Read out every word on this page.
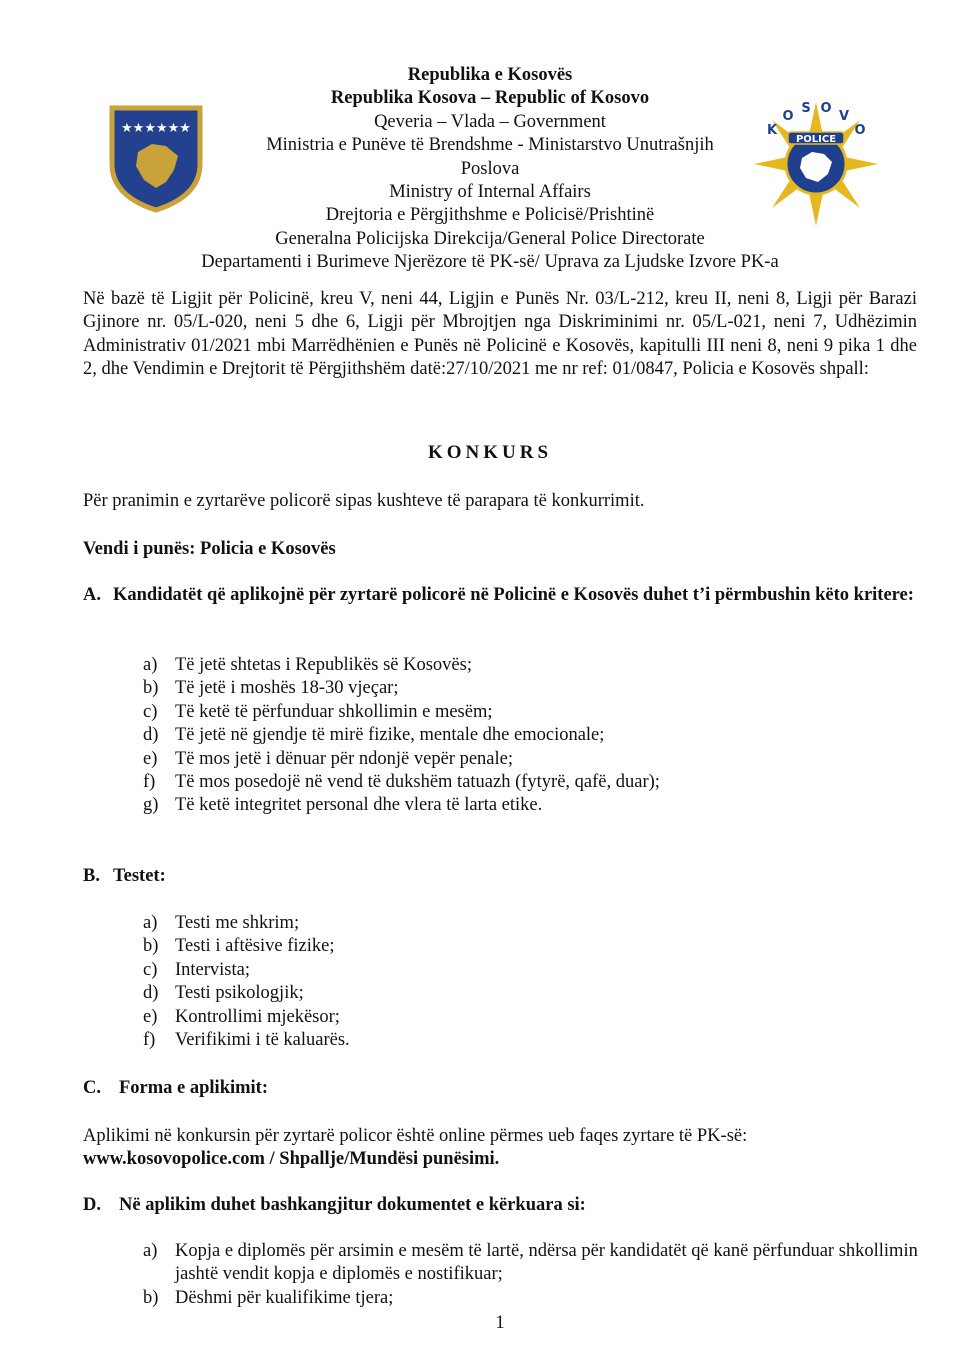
★★★★★★
POLICE
K
O
S O
V
O
Republika e Kosovës
Republika Kosova – Republic of Kosovo
Qeveria – Vlada – Government
Ministria e Punëve të Brendshme - Ministarstvo Unutrašnjih
Poslova
Ministry of Internal Affairs
Drejtoria e Përgjithshme e Policisë/Prishtinë
Generalna Policijska Direkcija/General Police Directorate
Departamenti i Burimeve Njerëzore të PK-së/ Uprava za Ljudske Izvore PK-a

Në bazë të Ligjit për Policinë, kreu V, neni 44, Ligjin e Punës Nr. 03/L-212, kreu II, neni 8, Ligji për Barazi Gjinore nr. 05/L-020, neni 5 dhe 6, Ligji për Mbrojtjen nga Diskriminimi nr. 05/L-021, neni 7, Udhëzimin Administrativ 01/2021 mbi Marrëdhënien e Punës në Policinë e Kosovës, kapitulli III neni 8, neni 9 pika 1 dhe 2, dhe Vendimin e Drejtorit të Përgjithshëm datë:27/10/2021 me nr ref: 01/0847, Policia e Kosovës shpall:

KONKURS

Për pranimin e zyrtarëve policorë sipas kushteve të parapara të konkurrimit.

Vendi i punës: Policia e Kosovës

A. Kandidatët që aplikojnë për zyrtarë policorë në Policinë e Kosovës duhet t’i përmbushin këto kritere:
a) Të jetë shtetas i Republikës së Kosovës;
b) Të jetë i moshës 18-30 vjeçar;
c) Të ketë të përfunduar shkollimin e mesëm;
d) Të jetë në gjendje të mirë fizike, mentale dhe emocionale;
e) Të mos jetë i dënuar për ndonjë vepër penale;
f) Të mos posedojë në vend të dukshëm tatuazh (fytyrë, qafë, duar);
g) Të ketë integritet personal dhe vlera të larta etike.
B. Testet:
a) Testi me shkrim;
b) Testi i aftësive fizike;
c) Intervista;
d) Testi psikologjik;
e) Kontrollimi mjekësor;
f) Verifikimi i të kaluarës.
C. Forma e aplikimit:

Aplikimi në konkursin për zyrtarë policor është online përmes ueb faqes zyrtare të PK-së:
www.kosovopolice.com / Shpallje/Mundësi punësimi.

D. Në aplikim duhet bashkangjitur dokumentet e kërkuara si:
a) Kopja e diplomës për arsimin e mesëm të lartë, ndërsa për kandidatët që kanë përfunduar shkollimin jashtë vendit kopja e diplomës e nostifikuar;
b) Dëshmi për kualifikime tjera;
1
